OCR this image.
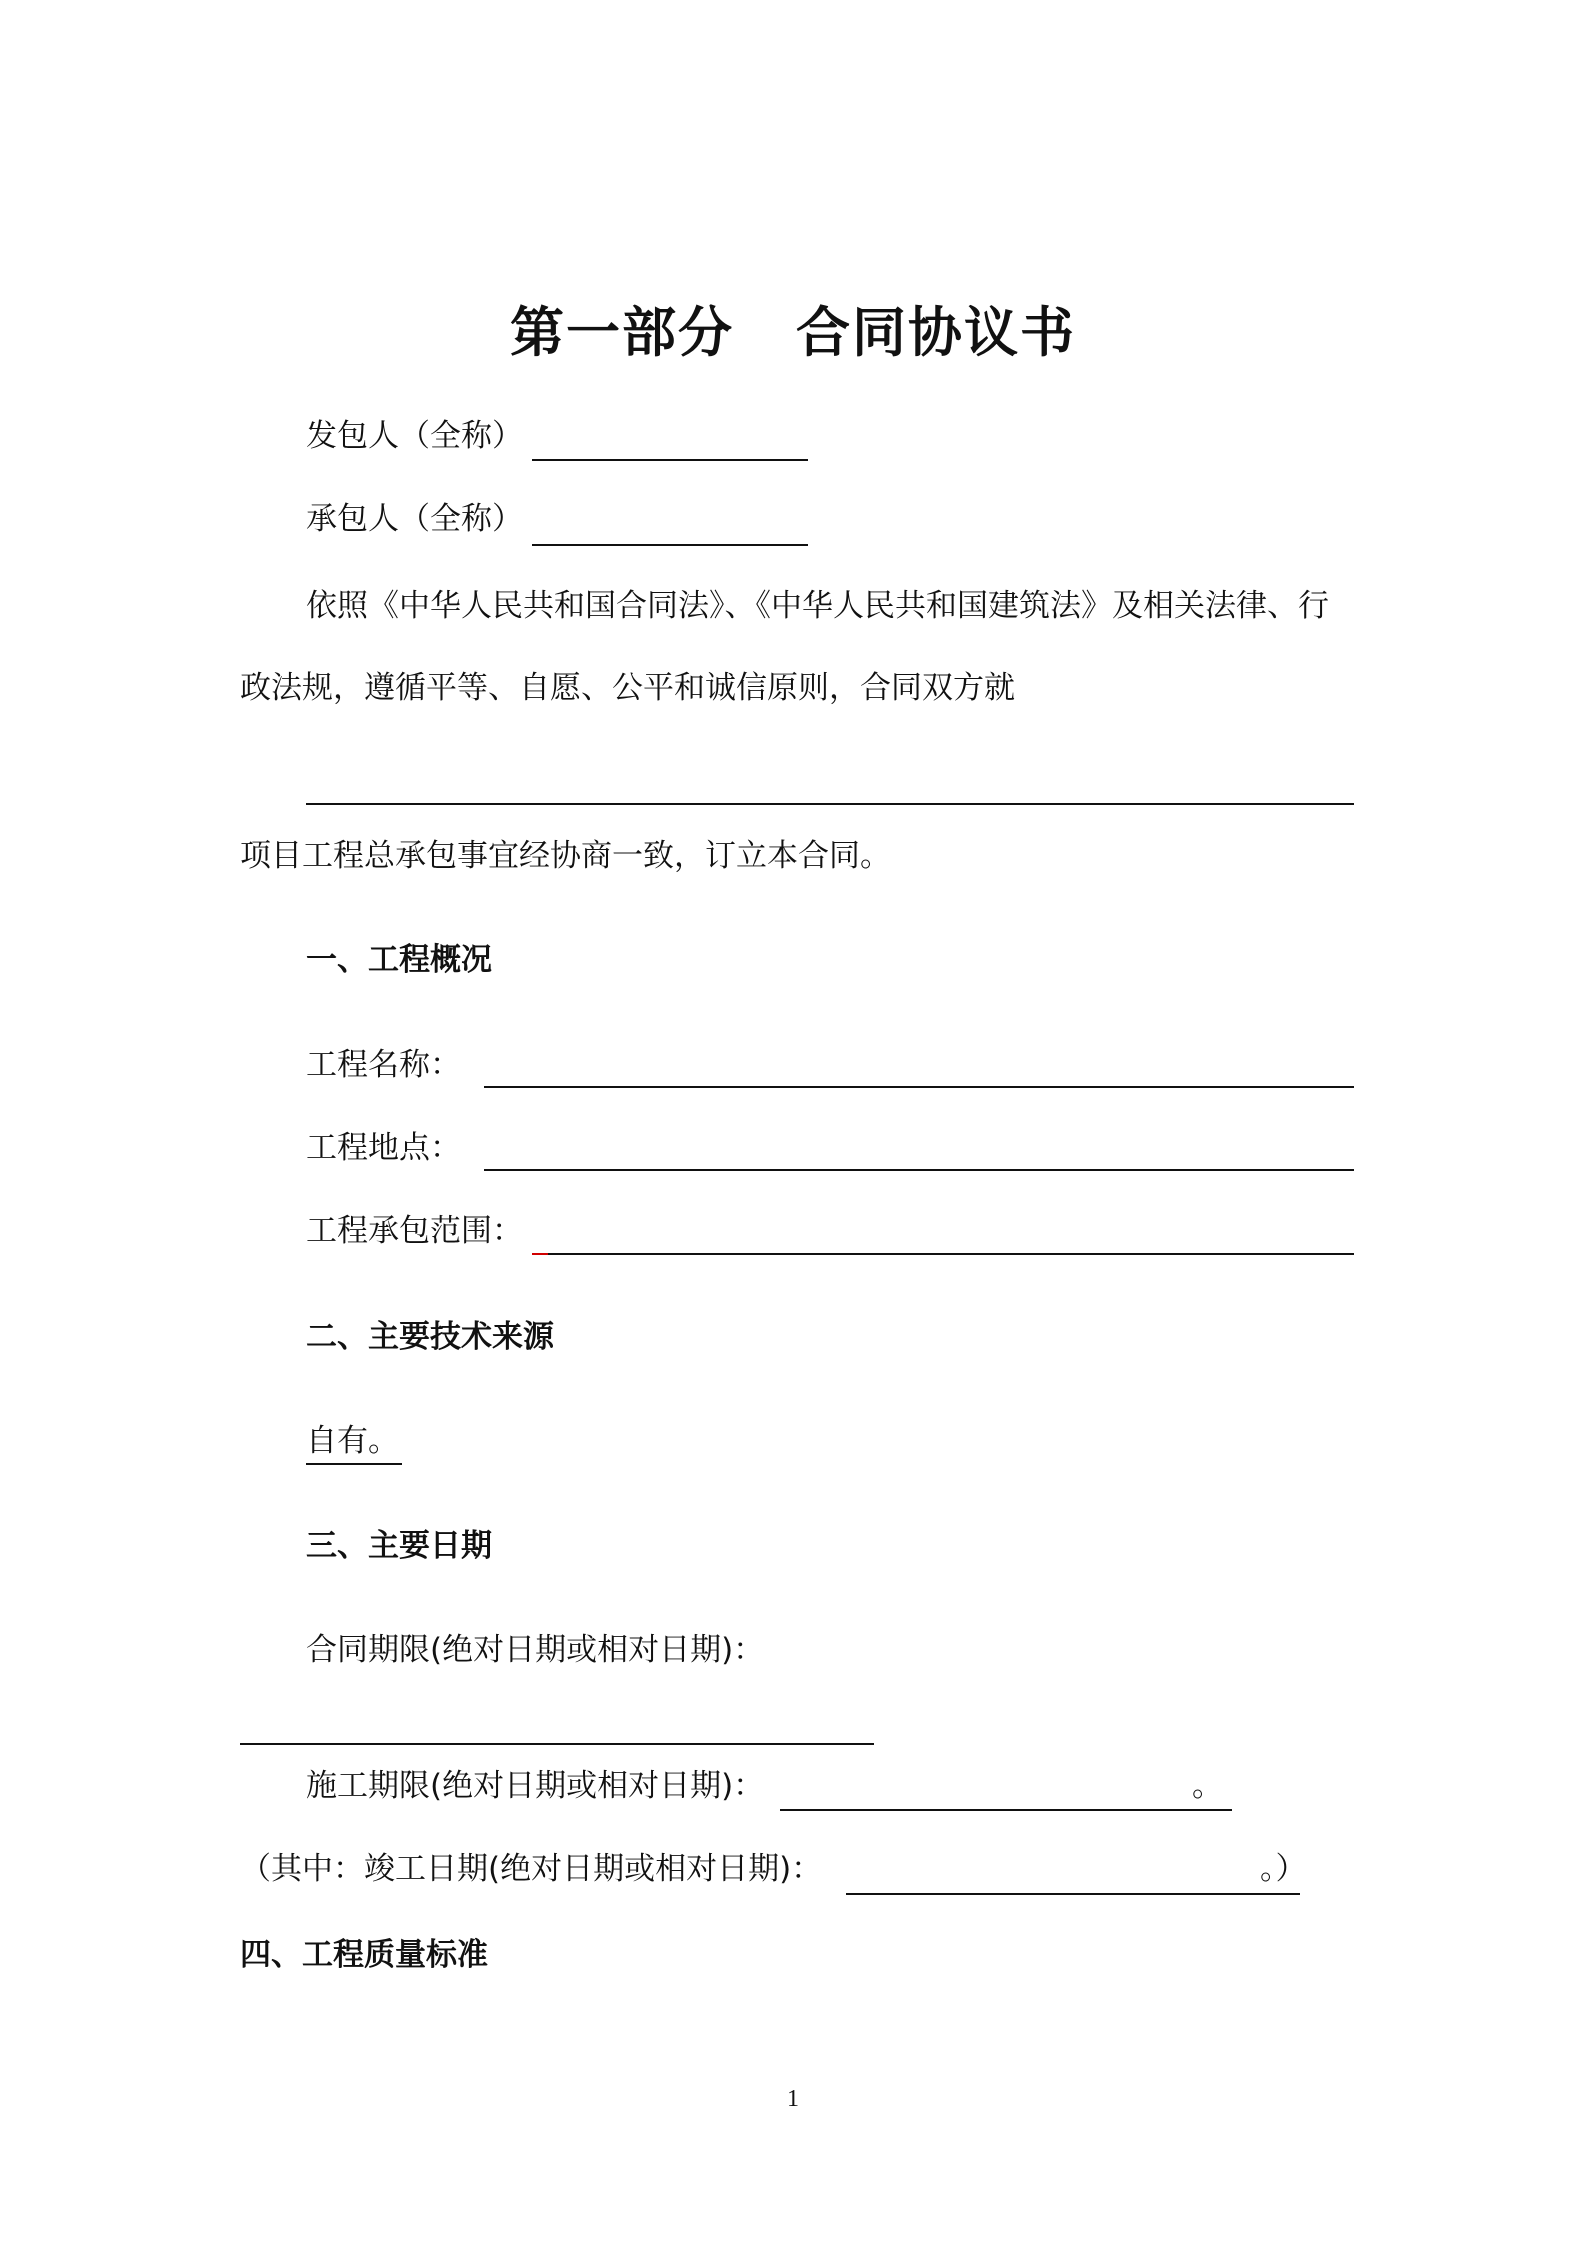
第一部分 合同协议书
发包人（全称）
承包人（全称）
依照《中华人民共和国合同法》、《中华人民共和国建筑法》及相关法律、行
政法规，遵循平等、自愿、公平和诚信原则，合同双方就
项目工程总承包事宜经协商一致，订立本合同。
一、工程概况
工程名称：
工程地点：
工程承包范围：
二、主要技术来源
自有。
三、主要日期
合同期限(绝对日期或相对日期)：
施工期限(绝对日期或相对日期)：	。
（其中：竣工日期(绝对日期或相对日期)：	。）
四、工程质量标准
1
